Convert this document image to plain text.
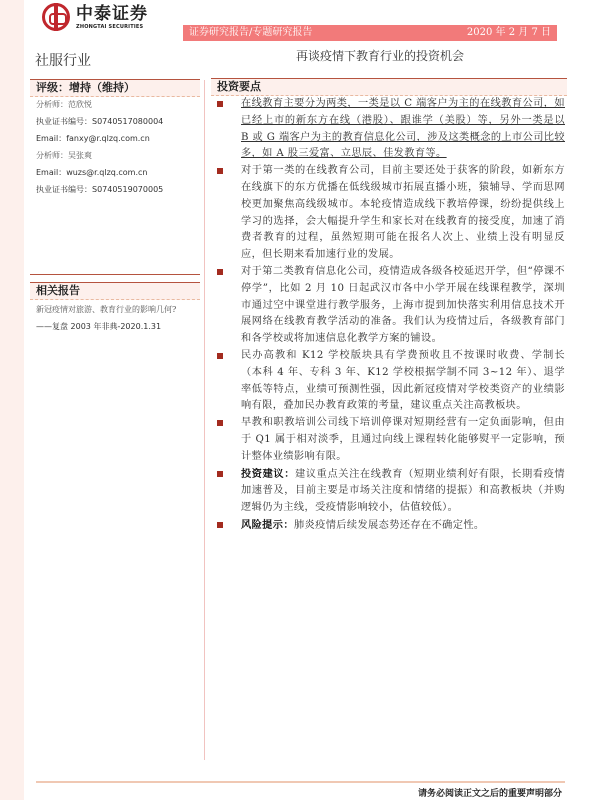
中泰证券
ZHONGTAI SECURITIES
证券研究报告/专题研究报告	2020 年 2 月 7 日
社服行业	再谈疫情下教育行业的投资机会
评级：增持（维持）
分析师：范欣悦
执业证书编号：S0740517080004
Email：fanxy@r.qlzq.com.cn
分析师：吴张爽
Email：wuzs@r.qlzq.com.cn
执业证书编号：S0740519070005
相关报告
新冠疫情对旅游、教育行业的影响几何?
——复盘 2003 年非典-2020.1.31
投资要点
在线教育主要分为两类，一类是以 C 端客户为主的在线教育公司，如已经上市的新东方在线（港股）、跟谁学（美股）等，另外一类是以 B 或 G 端客户为主的教育信息化公司，涉及这类概念的上市公司比较多，如 A 股三爱富、立思辰、佳发教育等。
对于第一类的在线教育公司，目前主要还处于获客的阶段，如新东方在线旗下的东方优播在低线级城市拓展直播小班，猿辅导、学而思网校更加聚焦高线级城市。本轮疫情造成线下教培停课，纷纷提供线上学习的选择，会大幅提升学生和家长对在线教育的接受度，加速了消费者教育的过程，虽然短期可能在报名人次上、业绩上没有明显反应，但长期来看加速行业的发展。
对于第二类教育信息化公司，疫情造成各级各校延迟开学，但“停课不停学”，比如 2 月 10 日起武汉市各中小学开展在线课程教学，深圳市通过空中课堂进行教学服务，上海市提到加快落实利用信息技术开展网络在线教育教学活动的准备。我们认为疫情过后，各级教育部门和各学校或将加速信息化教学方案的铺设。
民办高教和 K12 学校版块具有学费预收且不按课时收费、学制长（本科 4 年、专科 3 年、K12 学校根据学制不同 3~12 年）、退学率低等特点，业绩可预测性强，因此新冠疫情对学校类资产的业绩影响有限，叠加民办教育政策的考量，建议重点关注高教板块。
早教和职教培训公司线下培训停课对短期经营有一定负面影响，但由于 Q1 属于相对淡季，且通过向线上课程转化能够熨平一定影响，预计整体业绩影响有限。
投资建议：建议重点关注在线教育（短期业绩利好有限，长期看疫情加速普及，目前主要是市场关注度和情绪的提振）和高教板块（并购逻辑仍为主线，受疫情影响较小，估值较低）。
风险提示：肺炎疫情后续发展态势还存在不确定性。
请务必阅读正文之后的重要声明部分
